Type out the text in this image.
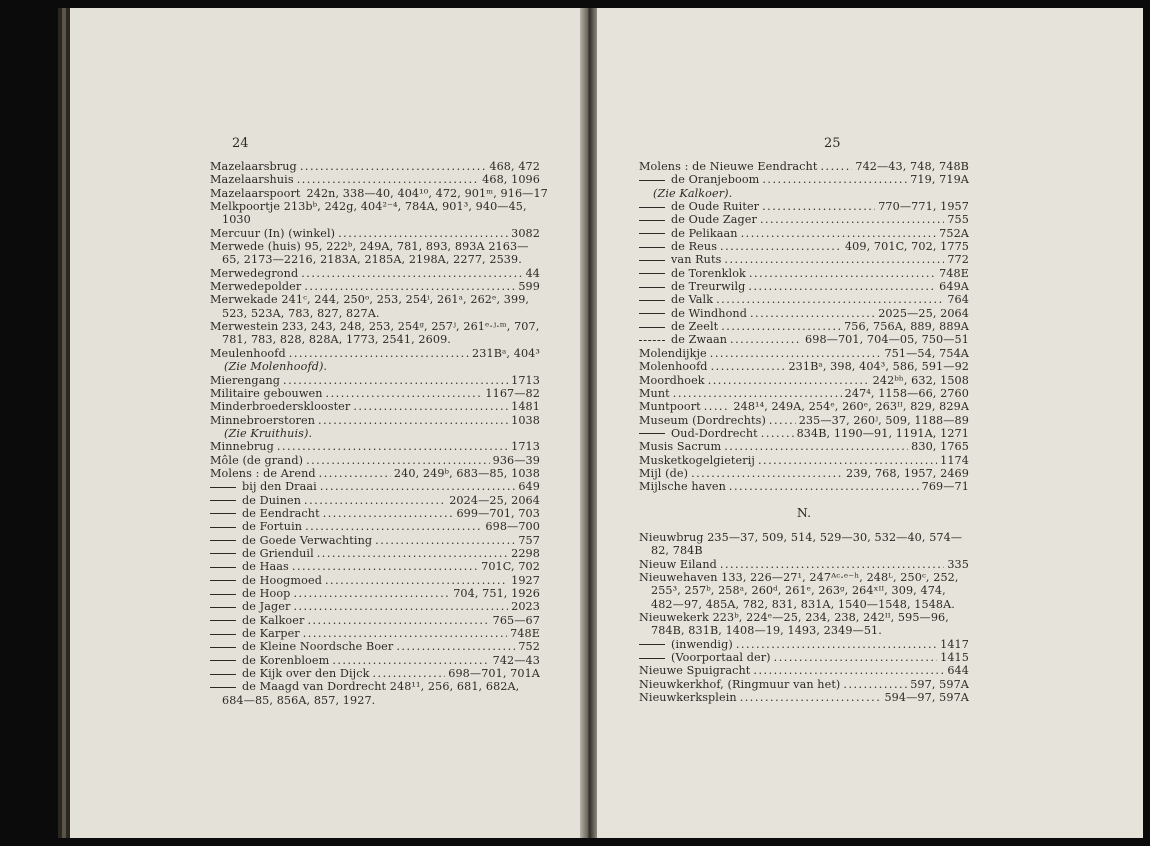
24
Mazelaarsbrug .....	468, 472
Mazelaarshuis .....	468, 1096
Mazelaarspoort 242n, 338—40, 404¹⁰, 472, 901ᵐ, 916—17
Melkpoortje 213bᵇ, 242g, 404²⁻⁴, 784A, 901³, 940—45, 1030
Mercuur (In) (winkel) .....	3082
Merwede (huis) 95, 222ᵇ, 249A, 781, 893, 893A 2163—65, 2173—2216, 2183A, 2185A, 2198A, 2277, 2539.
Merwedegrond .....	44
Merwedepolder .....	599
Merwekade 241ᶜ, 244, 250ᵒ, 253, 254ⁱ, 261ᵃ, 262ᵉ, 399, 523, 523A, 783, 827, 827A.
Merwestein 233, 243, 248, 253, 254ᵍ, 257ʲ, 261ᵉ·ʲ·ᵐ, 707, 781, 783, 828, 828A, 1773, 2541, 2609.
Meulenhoofd .....	231Bᵃ, 404³
(Zie Molenhoofd).
Mierengang .....	1713
Militaire gebouwen .....	1167—82
Minderbroedersklooster .....	1481
Minnebroerstoren .....	1038
(Zie Kruithuis).
Minnebrug .....	1713
Môle (de grand) .....	936—39
Molens : de Arend .....	240, 249ᵇ, 683—85, 1038
bij den Draai .....	649
de Duinen .....	2024—25, 2064
de Eendracht .....	699—701, 703
de Fortuin .....	698—700
de Goede Verwachting .....	757
de Grienduil .....	2298
de Haas .....	701C, 702
de Hoogmoed .....	1927
de Hoop .....	704, 751, 1926
de Jager .....	2023
de Kalkoer .....	765—67
de Karper .....	748E
de Kleine Noordsche Boer .....	752
de Korenbloem .....	742—43
de Kijk over den Dijck .....	698—701, 701A
de Maagd van Dordrecht 248¹¹, 256, 681, 682A, 684—85, 856A, 857, 1927.
25
Molens : de Nieuwe Eendracht .....	742—43, 748, 748B
de Oranjeboom .....	719, 719A
(Zie Kalkoer).
de Oude Ruiter .....	770—771, 1957
de Oude Zager .....	755
de Pelikaan .....	752A
de Reus .....	409, 701C, 702, 1775
van Ruts .....	772
de Torenklok .....	748E
de Treurwilg .....	649A
de Valk .....	764
de Windhond .....	2025—25, 2064
de Zeelt .....	756, 756A, 889, 889A
de Zwaan .....	698—701, 704—05, 750—51
Molendijkje .....	751—54, 754A
Molenhoofd .....	231Bᵃ, 398, 404³, 586, 591—92
Moordhoek .....	242ᵇʰ, 632, 1508
Munt .....	247⁴, 1158—66, 2760
Muntpoort .....	248¹⁴, 249A, 254ᵉ, 260ᵉ, 263ᴵᴵ, 829, 829A
Museum (Dordrechts) .....	235—37, 260ʲ, 509, 1188—89
Oud-Dordrecht .....	834B, 1190—91, 1191A, 1271
Musis Sacrum .....	830, 1765
Musketkogelgieterij .....	1174
Mijl (de) .....	239, 768, 1957, 2469
Mijlsche haven .....	769—71
N.
Nieuwbrug 235—37, 509, 514, 529—30, 532—40, 574—82, 784B
Nieuw Eiland .....	335
Nieuwehaven 133, 226—27¹, 247ᴬᶜ·ᵉ⁻ʰ, 248ᴸ, 250ᶜ, 252, 255³, 257ᵇ, 258ᵃ, 260ᵈ, 261ᵉ, 263ᵍ, 264ˣᴵᴵ, 309, 474, 482—97, 485A, 782, 831, 831A, 1540—1548, 1548A.
Nieuwekerk 223ᵇ, 224ᵉ—25, 234, 238, 242ᴵᴵ, 595—96, 784B, 831B, 1408—19, 1493, 2349—51.
(inwendig) .....	1417
(Voorportaal der) .....	1415
Nieuwe Spuigracht .....	644
Nieuwkerkhof, (Ringmuur van het) .....	597, 597A
Nieuwkerksplein .....	594—97, 597A
